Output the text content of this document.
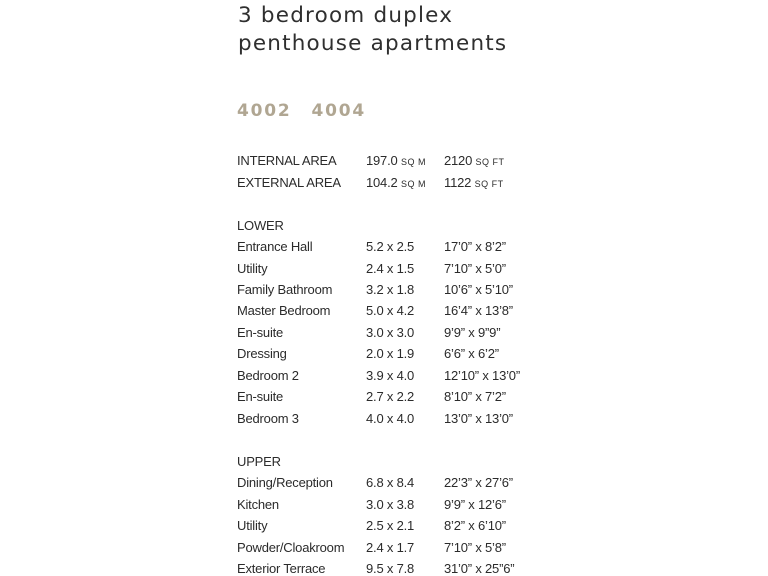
3 bedroom duplex
penthouse apartments
4002 4004
INTERNAL AREA 197.0 SQ M 2120 SQ FT
EXTERNAL AREA 104.2 SQ M 1122 SQ FT
LOWER
Entrance Hall	5.2 x 2.5 17’0” x 8’2”
Utility	2.4 x 1.5 7’10” x 5’0”
Family Bathroom	3.2 x 1.8 10’6” x 5’10”
Master Bedroom	5.0 x 4.2 16’4” x 13’8”
En-suite	3.0 x 3.0 9’9” x 9”9”
Dressing	2.0 x 1.9 6’6” x 6’2”
Bedroom 2	3.9 x 4.0 12’10” x 13’0”
En-suite	2.7 x 2.2 8’10” x 7’2”
Bedroom 3	4.0 x 4.0 13’0” x 13’0”
UPPER
Dining/Reception	6.8 x 8.4 22’3” x 27’6”
Kitchen	3.0 x 3.8 9’9” x 12’6”
Utility	2.5 x 2.1 8’2” x 6’10”
Powder/Cloakroom 2.4 x 1.7 7’10” x 5’8”
Exterior Terrace	9.5 x 7.8 31’0” x 25”6”
